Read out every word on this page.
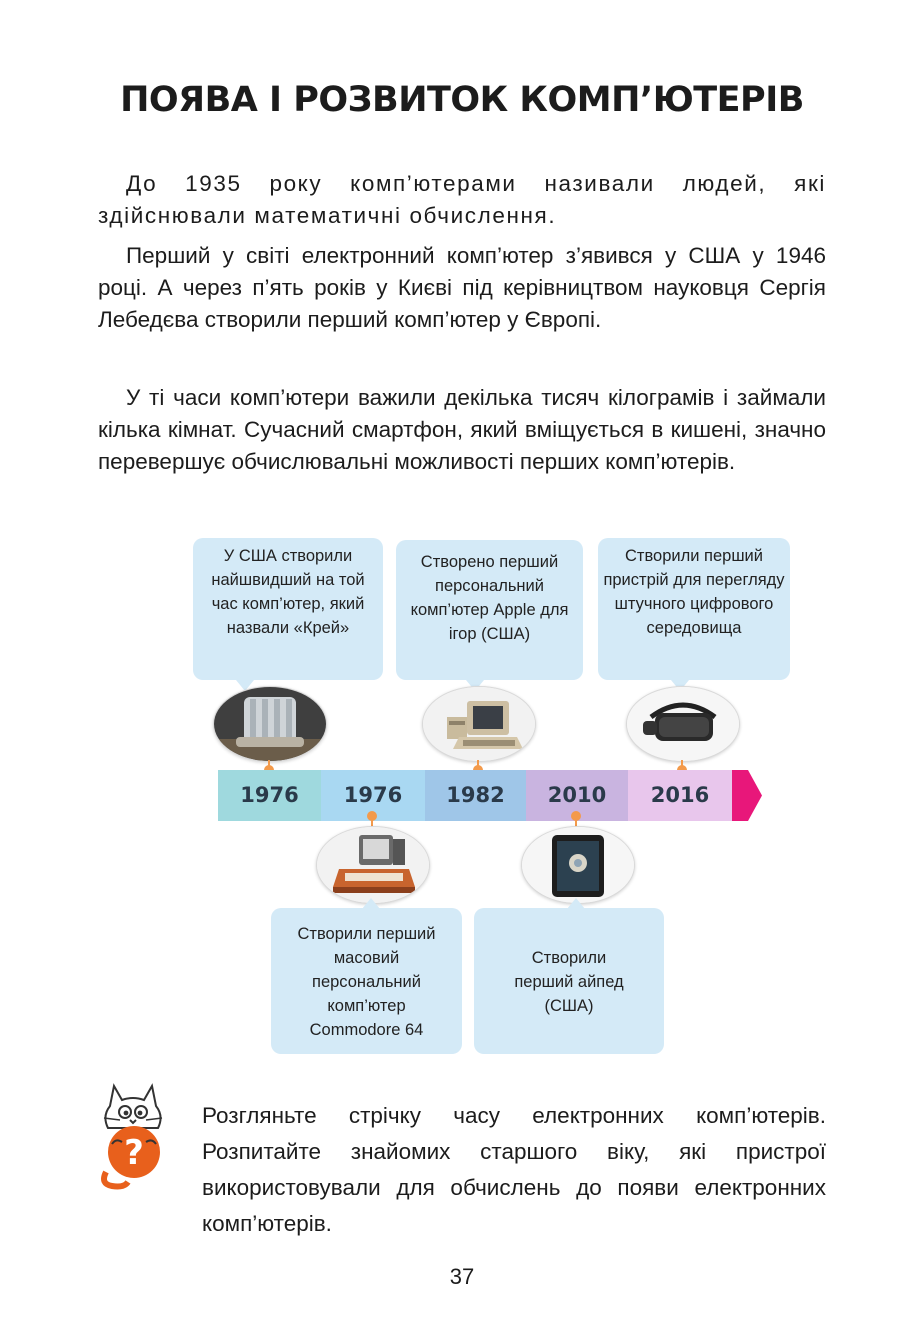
ПОЯВА І РОЗВИТОК КОМП’ЮТЕРІВ

До 1935 року комп’ютерами називали людей, які здійснювали математичні обчислення.

Перший у світі електронний комп’ютер з’явився у США у 1946 році. А через п’ять років у Києві під керівництвом науковця Сергія Лебедєва створили перший комп’ютер у Європі.

У ті часи комп’ютери важили декілька тисяч кілограмів і займали кілька кімнат. Сучасний смартфон, який вміщується в кишені, значно перевершує обчислювальні можливості перших комп’ютерів.

У США створили найшвидший на той час комп’ютер, який назвали «Крей»
Створено перший персональний комп’ютер Apple для ігор (США)
Створили перший пристрій для перегляду штучного цифрового середовища
1976	1976	1982	2010	2016
Створили перший масовий персональний комп’ютер Commodore 64
Створили перший айпед (США)
?

Розгляньте стрічку часу електронних комп’ютерів. Розпитайте знайомих старшого віку, які пристрої використовували для обчислень до появи електронних комп’ютерів.

37
